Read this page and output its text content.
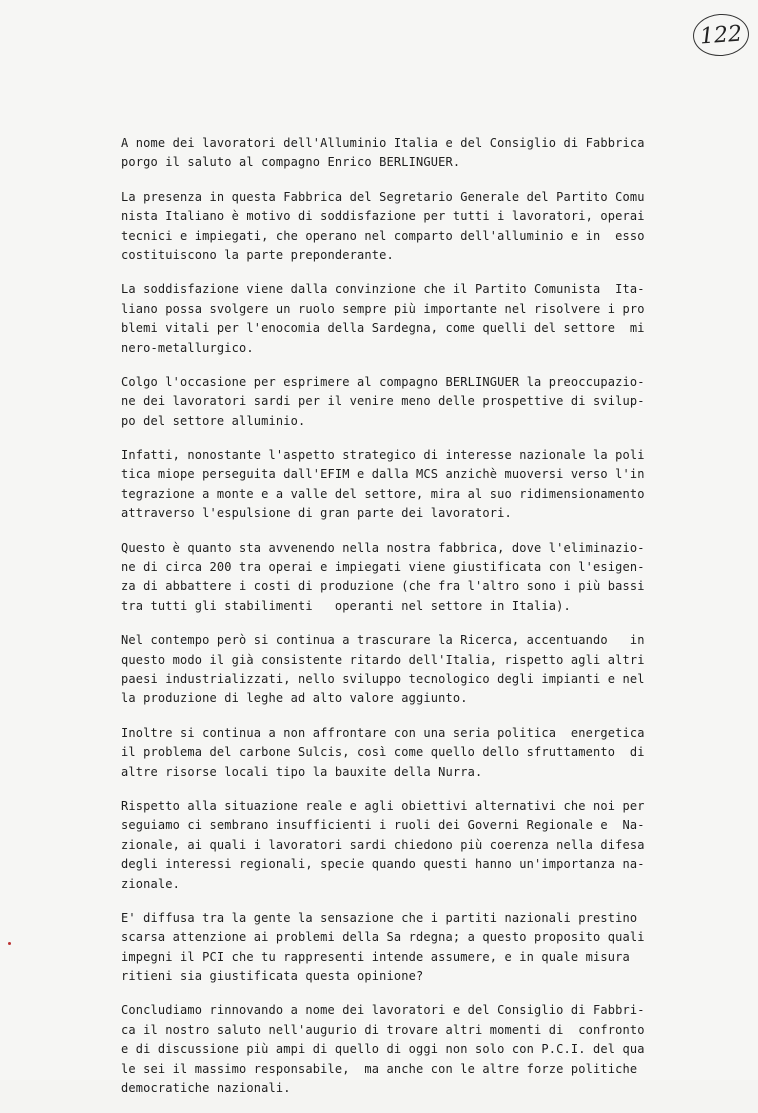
122
A nome dei lavoratori dell'Alluminio Italia e del Consiglio di Fabbrica
porgo il saluto al compagno Enrico BERLINGUER.
La presenza in questa Fabbrica del Segretario Generale del Partito Comu
nista Italiano è motivo di soddisfazione per tutti i lavoratori, operai
tecnici e impiegati, che operano nel comparto dell'alluminio e in  esso
costituiscono la parte preponderante.
La soddisfazione viene dalla convinzione che il Partito Comunista  Ita-
liano possa svolgere un ruolo sempre più importante nel risolvere i pro
blemi vitali per l'enocomia della Sardegna, come quelli del settore  mi
nero-metallurgico.
Colgo l'occasione per esprimere al compagno BERLINGUER la preoccupazio-
ne dei lavoratori sardi per il venire meno delle prospettive di svilup-
po del settore alluminio.
Infatti, nonostante l'aspetto strategico di interesse nazionale la poli
tica miope perseguita dall'EFIM e dalla MCS anzichè muoversi verso l'in
tegrazione a monte e a valle del settore, mira al suo ridimensionamento
attraverso l'espulsione di gran parte dei lavoratori.
Questo è quanto sta avvenendo nella nostra fabbrica, dove l'eliminazio-
ne di circa 200 tra operai e impiegati viene giustificata con l'esigen-
za di abbattere i costi di produzione (che fra l'altro sono i più bassi
tra tutti gli stabilimenti   operanti nel settore in Italia).
Nel contempo però si continua a trascurare la Ricerca, accentuando   in
questo modo il già consistente ritardo dell'Italia, rispetto agli altri
paesi industrializzati, nello sviluppo tecnologico degli impianti e nel
la produzione di leghe ad alto valore aggiunto.
Inoltre si continua a non affrontare con una seria politica  energetica
il problema del carbone Sulcis, così come quello dello sfruttamento  di
altre risorse locali tipo la bauxite della Nurra.
Rispetto alla situazione reale e agli obiettivi alternativi che noi per
seguiamo ci sembrano insufficienti i ruoli dei Governi Regionale e  Na-
zionale, ai quali i lavoratori sardi chiedono più coerenza nella difesa
degli interessi regionali, specie quando questi hanno un'importanza na-
zionale.
E' diffusa tra la gente la sensazione che i partiti nazionali prestino
scarsa attenzione ai problemi della Sa rdegna; a questo proposito quali
impegni il PCI che tu rappresenti intende assumere, e in quale misura
ritieni sia giustificata questa opinione?
Concludiamo rinnovando a nome dei lavoratori e del Consiglio di Fabbri-
ca il nostro saluto nell'augurio di trovare altri momenti di  confronto
e di discussione più ampi di quello di oggi non solo con P.C.I. del qua
le sei il massimo responsabile,  ma anche con le altre forze politiche
democratiche nazionali.
